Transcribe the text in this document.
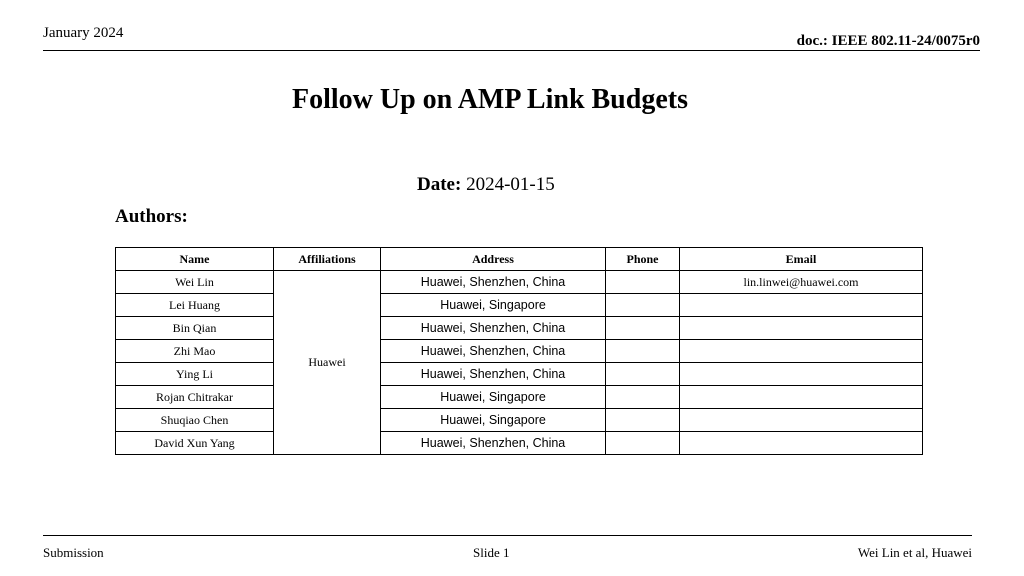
January 2024	doc.: IEEE 802.11-24/0075r0
Follow Up on AMP Link Budgets
Date: 2024-01-15
Authors:
Name	Affiliations	Address	Phone	Email
Wei Lin	Huawei	Huawei, Shenzhen, China		lin.linwei@huawei.com
Lei Huang		Huawei, Singapore		
Bin Qian		Huawei, Shenzhen, China		
Zhi Mao		Huawei, Shenzhen, China		
Ying Li		Huawei, Shenzhen, China		
Rojan Chitrakar		Huawei, Singapore		
Shuqiao Chen		Huawei, Singapore		
David Xun Yang		Huawei, Shenzhen, China		
Submission	Slide 1	Wei Lin et al, Huawei
